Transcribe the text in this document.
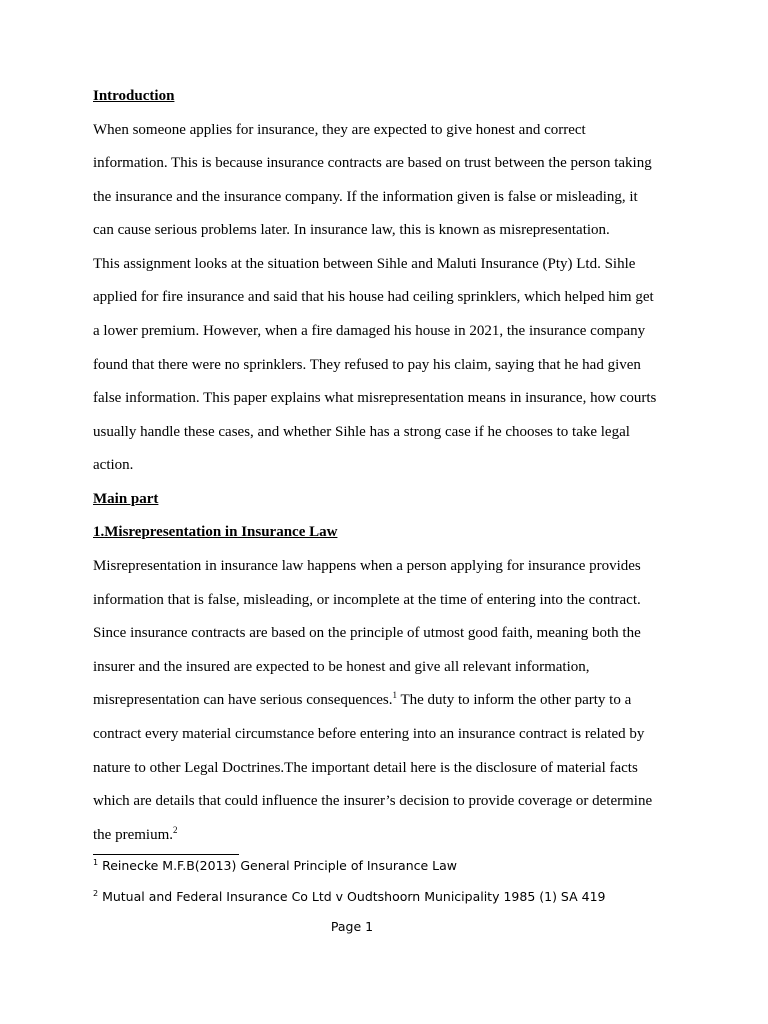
Introduction
When someone applies for insurance, they are expected to give honest and correct
information. This is because insurance contracts are based on trust between the person taking
the insurance and the insurance company. If the information given is false or misleading, it
can cause serious problems later. In insurance law, this is known as misrepresentation.
This assignment looks at the situation between Sihle and Maluti Insurance (Pty) Ltd. Sihle
applied for fire insurance and said that his house had ceiling sprinklers, which helped him get
a lower premium. However, when a fire damaged his house in 2021, the insurance company
found that there were no sprinklers. They refused to pay his claim, saying that he had given
false information. This paper explains what misrepresentation means in insurance, how courts
usually handle these cases, and whether Sihle has a strong case if he chooses to take legal
action.
Main part
1.Misrepresentation in Insurance Law
Misrepresentation in insurance law happens when a person applying for insurance provides
information that is false, misleading, or incomplete at the time of entering into the contract.
Since insurance contracts are based on the principle of utmost good faith, meaning both the
insurer and the insured are expected to be honest and give all relevant information,
misrepresentation can have serious consequences.$^1$ The duty to inform the other party to a
contract every material circumstance before entering into an insurance contract is related by
nature to other Legal Doctrines.The important detail here is the disclosure of material facts
which are details that could influence the insurer’s decision to provide coverage or determine
the premium.$^2$
$^1$ Reinecke M.F.B(2013) General Principle of Insurance Law
$^2$ Mutual and Federal Insurance Co Ltd v Oudtshoorn Municipality 1985 (1) SA 419
Page 1
